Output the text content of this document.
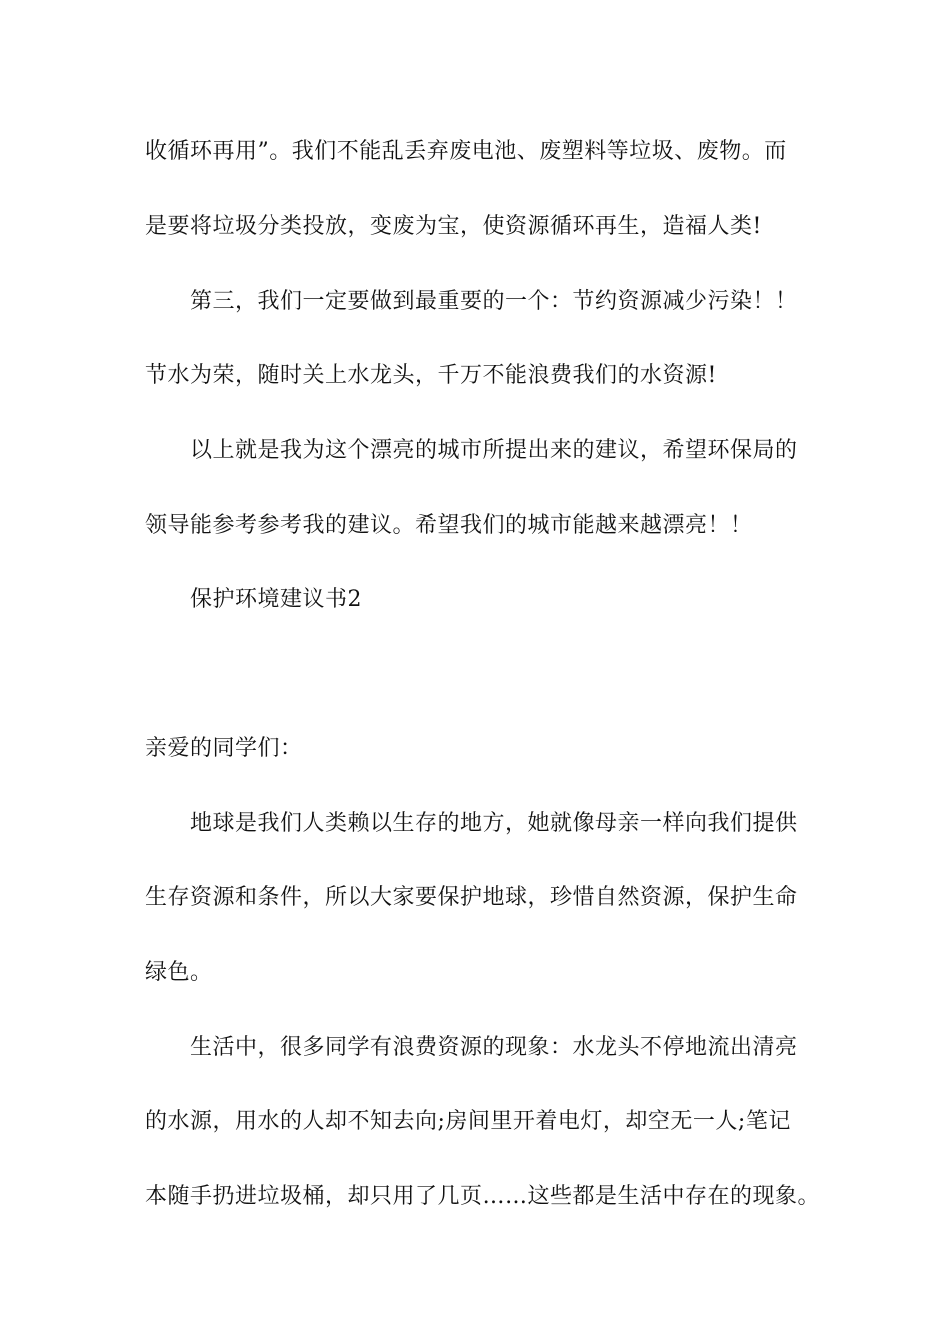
收循环再用”。我们不能乱丢弃废电池、废塑料等垃圾、废物。而
是要将垃圾分类投放，变废为宝，使资源循环再生，造福人类!
第三，我们一定要做到最重要的一个：节约资源减少污染！！
节水为荣，随时关上水龙头，千万不能浪费我们的水资源!
以上就是我为这个漂亮的城市所提出来的建议，希望环保局的
领导能参考参考我的建议。希望我们的城市能越来越漂亮！！
保护环境建议书2
亲爱的同学们：
地球是我们人类赖以生存的地方，她就像母亲一样向我们提供
生存资源和条件，所以大家要保护地球，珍惜自然资源，保护生命
绿色。
生活中，很多同学有浪费资源的现象：水龙头不停地流出清亮
的水源，用水的人却不知去向;房间里开着电灯，却空无一人;笔记
本随手扔进垃圾桶，却只用了几页……这些都是生活中存在的现象。
